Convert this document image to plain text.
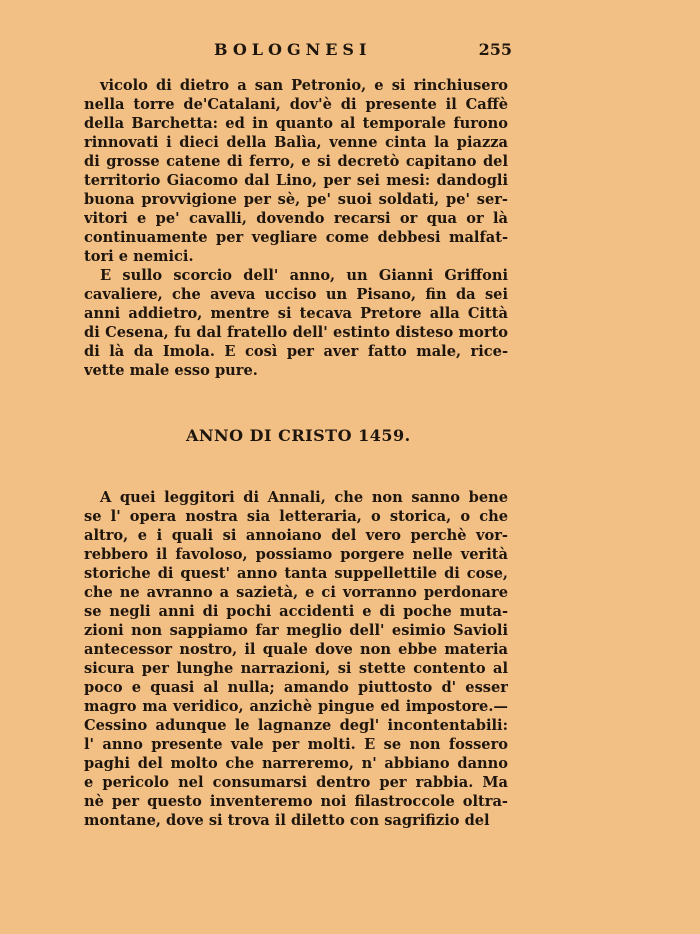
BOLOGNESI	255
vicolo di dietro a san Petronio, e si rinchiusero
nella torre de'Catalani, dov'è di presente il Caffè
della Barchetta: ed in quanto al temporale furono
rinnovati i dieci della Balìa, venne cinta la piazza
di grosse catene di ferro, e si decretò capitano del
territorio Giacomo dal Lino, per sei mesi: dandogli
buona provvigione per sè, pe' suoi soldati, pe' ser-
vitori e pe' cavalli, dovendo recarsi or qua or là
continuamente per vegliare come debbesi malfat-
tori e nemici.
E sullo scorcio dell' anno, un Gianni Griffoni
cavaliere, che aveva ucciso un Pisano, fin da sei
anni addietro, mentre si tecava Pretore alla Città
di Cesena, fu dal fratello dell' estinto disteso morto
di là da Imola. E così per aver fatto male, rice-
vette male esso pure.
ANNO DI CRISTO 1459.
A quei leggitori di Annali, che non sanno bene
se l' opera nostra sia letteraria, o storica, o che
altro, e i quali si annoiano del vero perchè vor-
rebbero il favoloso, possiamo porgere nelle verità
storiche di quest' anno tanta suppellettile di cose,
che ne avranno a sazietà, e ci vorranno perdonare
se negli anni di pochi accidenti e di poche muta-
zioni non sappiamo far meglio dell' esimio Savioli
antecessor nostro, il quale dove non ebbe materia
sicura per lunghe narrazioni, si stette contento al
poco e quasi al nulla; amando piuttosto d' esser
magro ma veridico, anzichè pingue ed impostore.—
Cessino adunque le lagnanze degl' incontentabili:
l' anno presente vale per molti. E se non fossero
paghi del molto che narreremo, n' abbiano danno
e pericolo nel consumarsi dentro per rabbia. Ma
nè per questo inventeremo noi filastroccole oltra-
montane, dove si trova il diletto con sagrifizio del
